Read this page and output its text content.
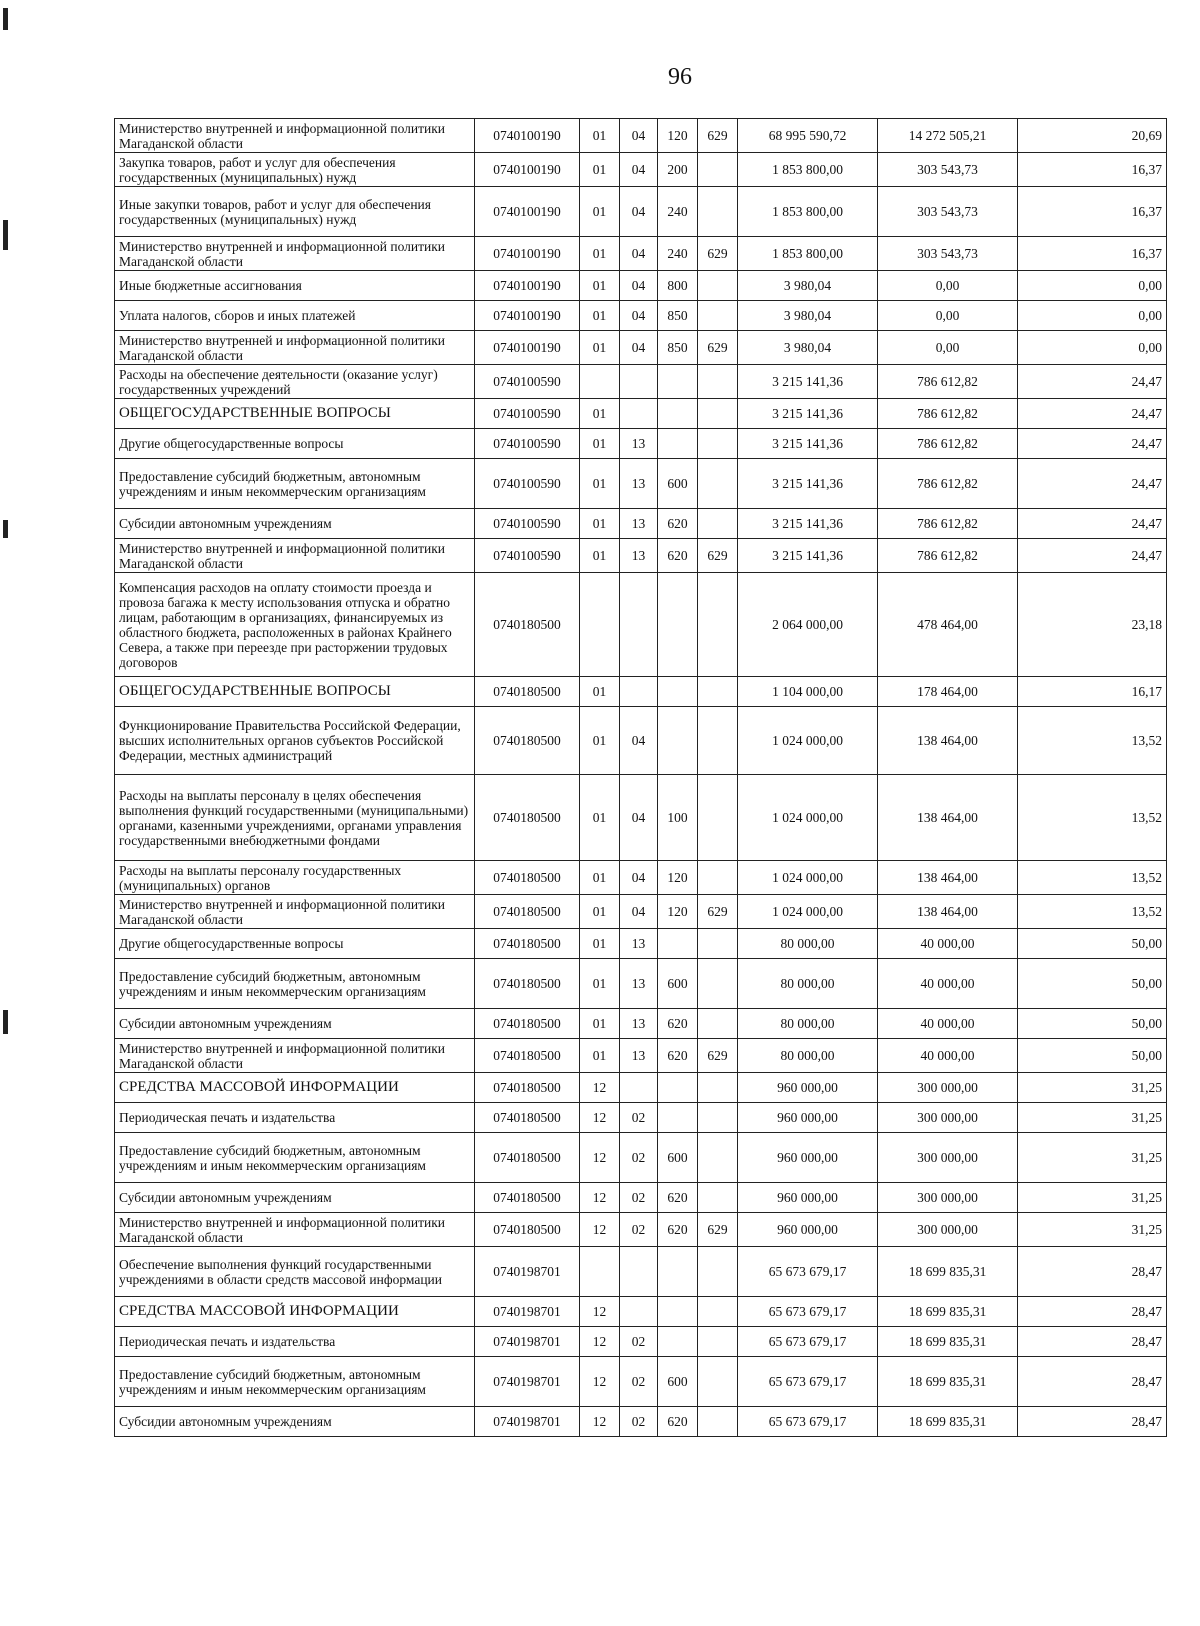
96
Министерство внутренней и информационной политики Магаданской области	0740100190	01	04	120	629	68 995 590,72	14 272 505,21	20,69
Закупка товаров, работ и услуг для обеспечения государственных (муниципальных) нужд	0740100190	01	04	200		1 853 800,00	303 543,73	16,37
Иные закупки товаров, работ и услуг для обеспечения государственных (муниципальных) нужд	0740100190	01	04	240		1 853 800,00	303 543,73	16,37
Министерство внутренней и информационной политики Магаданской области	0740100190	01	04	240	629	1 853 800,00	303 543,73	16,37
Иные бюджетные ассигнования	0740100190	01	04	800		3 980,04	0,00	0,00
Уплата налогов, сборов и иных платежей	0740100190	01	04	850		3 980,04	0,00	0,00
Министерство внутренней и информационной политики Магаданской области	0740100190	01	04	850	629	3 980,04	0,00	0,00
Расходы на обеспечение деятельности (оказание услуг) государственных учреждений	0740100590					3 215 141,36	786 612,82	24,47
ОБЩЕГОСУДАРСТВЕННЫЕ ВОПРОСЫ	0740100590	01				3 215 141,36	786 612,82	24,47
Другие общегосударственные вопросы	0740100590	01	13			3 215 141,36	786 612,82	24,47
Предоставление субсидий бюджетным, автономным учреждениям и иным некоммерческим организациям	0740100590	01	13	600		3 215 141,36	786 612,82	24,47
Субсидии автономным учреждениям	0740100590	01	13	620		3 215 141,36	786 612,82	24,47
Министерство внутренней и информационной политики Магаданской области	0740100590	01	13	620	629	3 215 141,36	786 612,82	24,47
Компенсация расходов на оплату стоимости проезда и провоза багажа к месту использования отпуска и обратно лицам, работающим в организациях, финансируемых из областного бюджета, расположенных в районах Крайнего Севера, а также при переезде при расторжении трудовых договоров	0740180500					2 064 000,00	478 464,00	23,18
ОБЩЕГОСУДАРСТВЕННЫЕ ВОПРОСЫ	0740180500	01				1 104 000,00	178 464,00	16,17
Функционирование Правительства Российской Федерации, высших исполнительных органов субъектов Российской Федерации, местных администраций	0740180500	01	04			1 024 000,00	138 464,00	13,52
Расходы на выплаты персоналу в целях обеспечения выполнения функций государственными (муниципальными) органами, казенными учреждениями, органами управления государственными внебюджетными фондами	0740180500	01	04	100		1 024 000,00	138 464,00	13,52
Расходы на выплаты персоналу государственных (муниципальных) органов	0740180500	01	04	120		1 024 000,00	138 464,00	13,52
Министерство внутренней и информационной политики Магаданской области	0740180500	01	04	120	629	1 024 000,00	138 464,00	13,52
Другие общегосударственные вопросы	0740180500	01	13			80 000,00	40 000,00	50,00
Предоставление субсидий бюджетным, автономным учреждениям и иным некоммерческим организациям	0740180500	01	13	600		80 000,00	40 000,00	50,00
Субсидии автономным учреждениям	0740180500	01	13	620		80 000,00	40 000,00	50,00
Министерство внутренней и информационной политики Магаданской области	0740180500	01	13	620	629	80 000,00	40 000,00	50,00
СРЕДСТВА МАССОВОЙ ИНФОРМАЦИИ	0740180500	12				960 000,00	300 000,00	31,25
Периодическая печать и издательства	0740180500	12	02			960 000,00	300 000,00	31,25
Предоставление субсидий бюджетным, автономным учреждениям и иным некоммерческим организациям	0740180500	12	02	600		960 000,00	300 000,00	31,25
Субсидии автономным учреждениям	0740180500	12	02	620		960 000,00	300 000,00	31,25
Министерство внутренней и информационной политики Магаданской области	0740180500	12	02	620	629	960 000,00	300 000,00	31,25
Обеспечение выполнения функций государственными учреждениями в области средств массовой информации	0740198701					65 673 679,17	18 699 835,31	28,47
СРЕДСТВА МАССОВОЙ ИНФОРМАЦИИ	0740198701	12				65 673 679,17	18 699 835,31	28,47
Периодическая печать и издательства	0740198701	12	02			65 673 679,17	18 699 835,31	28,47
Предоставление субсидий бюджетным, автономным учреждениям и иным некоммерческим организациям	0740198701	12	02	600		65 673 679,17	18 699 835,31	28,47
Субсидии автономным учреждениям	0740198701	12	02	620		65 673 679,17	18 699 835,31	28,47
